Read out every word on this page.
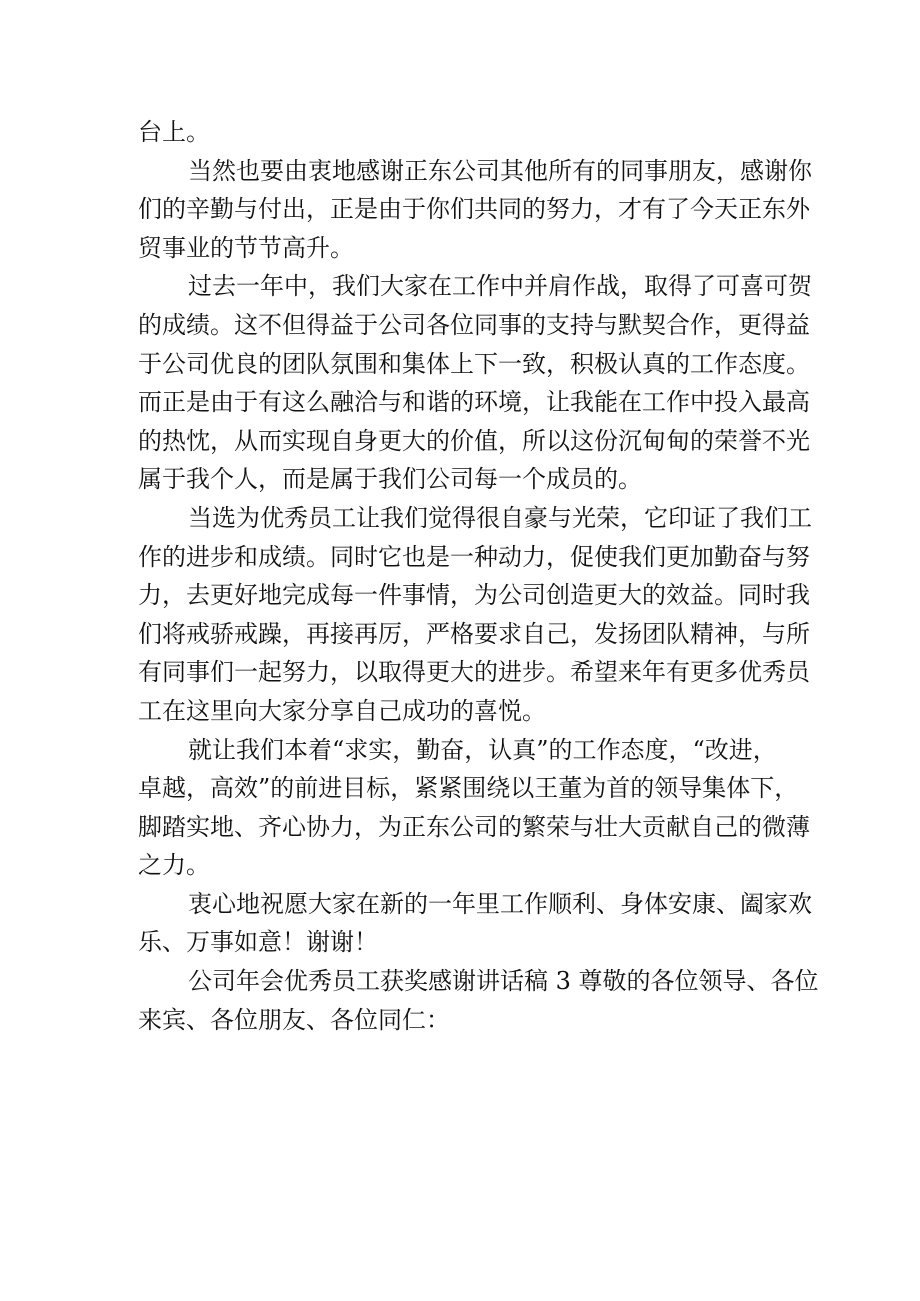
台上。

当然也要由衷地感谢正东公司其他所有的同事朋友，感谢你
们的辛勤与付出，正是由于你们共同的努力，才有了今天正东外
贸事业的节节高升。

过去一年中，我们大家在工作中并肩作战，取得了可喜可贺
的成绩。这不但得益于公司各位同事的支持与默契合作，更得益
于公司优良的团队氛围和集体上下一致，积极认真的工作态度。
而正是由于有这么融洽与和谐的环境，让我能在工作中投入最高
的热忱，从而实现自身更大的价值，所以这份沉甸甸的荣誉不光
属于我个人，而是属于我们公司每一个成员的。

当选为优秀员工让我们觉得很自豪与光荣，它印证了我们工
作的进步和成绩。同时它也是一种动力，促使我们更加勤奋与努
力，去更好地完成每一件事情，为公司创造更大的效益。同时我
们将戒骄戒躁，再接再厉，严格要求自己，发扬团队精神，与所
有同事们一起努力，以取得更大的进步。希望来年有更多优秀员
工在这里向大家分享自己成功的喜悦。

就让我们本着“求实，勤奋，认真”的工作态度，“改进，
卓越，高效”的前进目标，紧紧围绕以王董为首的领导集体下，
脚踏实地、齐心协力，为正东公司的繁荣与壮大贡献自己的微薄
之力。

衷心地祝愿大家在新的一年里工作顺利、身体安康、阖家欢
乐、万事如意！谢谢！

公司年会优秀员工获奖感谢讲话稿 3 尊敬的各位领导、各位
来宾、各位朋友、各位同仁：
